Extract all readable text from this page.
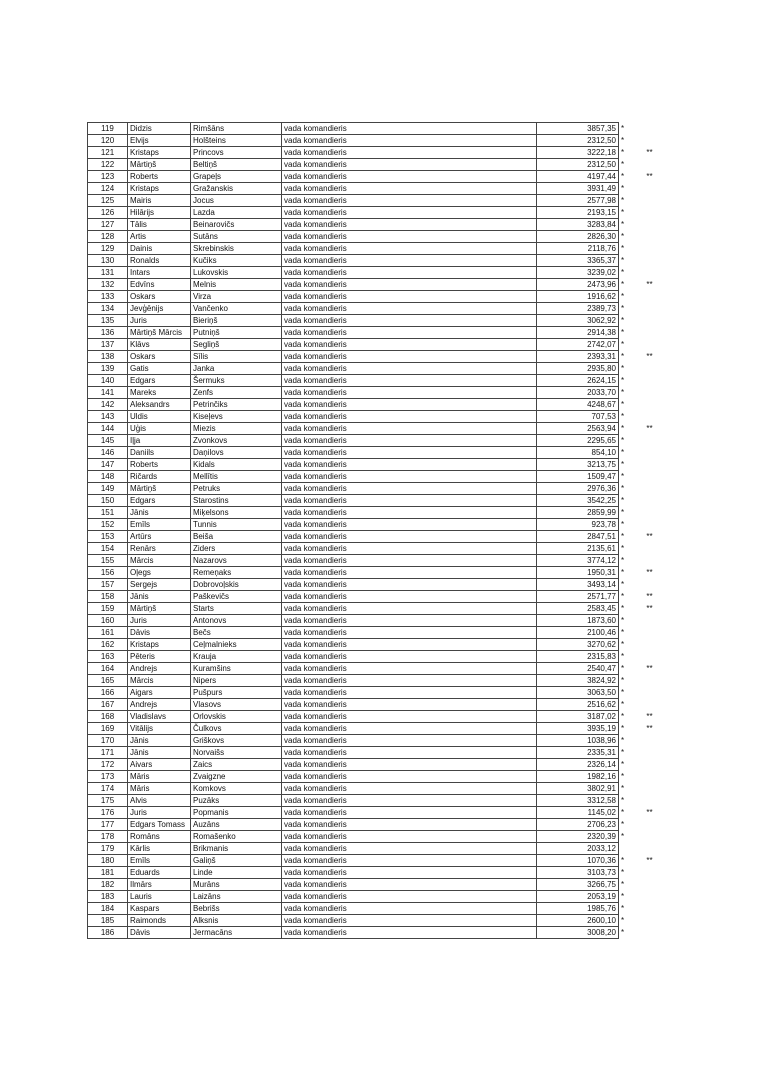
119	Didzis	Rimšāns	vada komandieris	3857,35	*	
120	Elvijs	Holšteins	vada komandieris	2312,50	*	
121	Kristaps	Princovs	vada komandieris	3222,18	*	**
122	Mārtiņš	Beltiņš	vada komandieris	2312,50	*	
123	Roberts	Grapeļs	vada komandieris	4197,44	*	**
124	Kristaps	Gražanskis	vada komandieris	3931,49	*	
125	Mairis	Jocus	vada komandieris	2577,98	*	
126	Hilārijs	Lazda	vada komandieris	2193,15	*	
127	Tālis	Beinarovičs	vada komandieris	3283,84	*	
128	Artis	Sutāns	vada komandieris	2826,30	*	
129	Dainis	Skrebinskis	vada komandieris	2118,76	*	
130	Ronalds	Kučiks	vada komandieris	3365,37	*	
131	Intars	Lukovskis	vada komandieris	3239,02	*	
132	Edvīns	Melnis	vada komandieris	2473,96	*	**
133	Oskars	Virza	vada komandieris	1916,62	*	
134	Jevģēnijs	Vančenko	vada komandieris	2389,73	*	
135	Juris	Bieriņš	vada komandieris	3062,92	*	
136	Mārtiņš Mārcis	Putniņš	vada komandieris	2914,38	*	
137	Klāvs	Segliņš	vada komandieris	2742,07	*	
138	Oskars	Sīlis	vada komandieris	2393,31	*	**
139	Gatis	Janka	vada komandieris	2935,80	*	
140	Edgars	Šermuks	vada komandieris	2624,15	*	
141	Mareks	Zenfs	vada komandieris	2033,70	*	
142	Aleksandrs	Petrinčiks	vada komandieris	4248,67	*	
143	Uldis	Kiseļevs	vada komandieris	707,53	*	
144	Uģis	Miezis	vada komandieris	2563,94	*	**
145	Iļja	Zvonkovs	vada komandieris	2295,65	*	
146	Daniils	Daņilovs	vada komandieris	854,10	*	
147	Roberts	Kidals	vada komandieris	3213,75	*	
148	Ričards	Mellītis	vada komandieris	1509,47	*	
149	Mārtiņš	Petruks	vada komandieris	2976,36	*	
150	Edgars	Starostins	vada komandieris	3542,25	*	
151	Jānis	Miķelsons	vada komandieris	2859,99	*	
152	Emīls	Tunnis	vada komandieris	923,78	*	
153	Artūrs	Beiša	vada komandieris	2847,51	*	**
154	Renārs	Ziders	vada komandieris	2135,61	*	
155	Mārcis	Nazarovs	vada komandieris	3774,12	*	
156	Oļegs	Remeņaks	vada komandieris	1950,31	*	**
157	Sergejs	Dobrovoļskis	vada komandieris	3493,14	*	
158	Jānis	Paškevičs	vada komandieris	2571,77	*	**
159	Mārtiņš	Starts	vada komandieris	2583,45	*	**
160	Juris	Antonovs	vada komandieris	1873,60	*	
161	Dāvis	Bečs	vada komandieris	2100,46	*	
162	Kristaps	Ceļmalnieks	vada komandieris	3270,62	*	
163	Pēteris	Krauja	vada komandieris	2315,83	*	
164	Andrejs	Kuramšins	vada komandieris	2540,47	*	**
165	Mārcis	Nipers	vada komandieris	3824,92	*	
166	Aigars	Pušpurs	vada komandieris	3063,50	*	
167	Andrejs	Vlasovs	vada komandieris	2516,62	*	
168	Vladislavs	Orlovskis	vada komandieris	3187,02	*	**
169	Vitālijs	Čulkovs	vada komandieris	3935,19	*	**
170	Jānis	Griškovs	vada komandieris	1038,96	*	
171	Jānis	Norvaišs	vada komandieris	2335,31	*	
172	Aivars	Zaics	vada komandieris	2326,14	*	
173	Māris	Zvaigzne	vada komandieris	1982,16	*	
174	Māris	Komkovs	vada komandieris	3802,91	*	
175	Alvis	Puzāks	vada komandieris	3312,58	*	
176	Juris	Popmanis	vada komandieris	1145,02	*	**
177	Edgars Tomass	Auzāns	vada komandieris	2706,23	*	
178	Romāns	Romašenko	vada komandieris	2320,39	*	
179	Kārlis	Brikmanis	vada komandieris	2033,12		
180	Emīls	Galiņš	vada komandieris	1070,36	*	**
181	Eduards	Linde	vada komandieris	3103,73	*	
182	Ilmārs	Murāns	vada komandieris	3266,75	*	
183	Lauris	Laizāns	vada komandieris	2053,19	*	
184	Kaspars	Bebrišs	vada komandieris	1985,76	*	
185	Raimonds	Alksnis	vada komandieris	2600,10	*	
186	Dāvis	Jermacāns	vada komandieris	3008,20	*	
